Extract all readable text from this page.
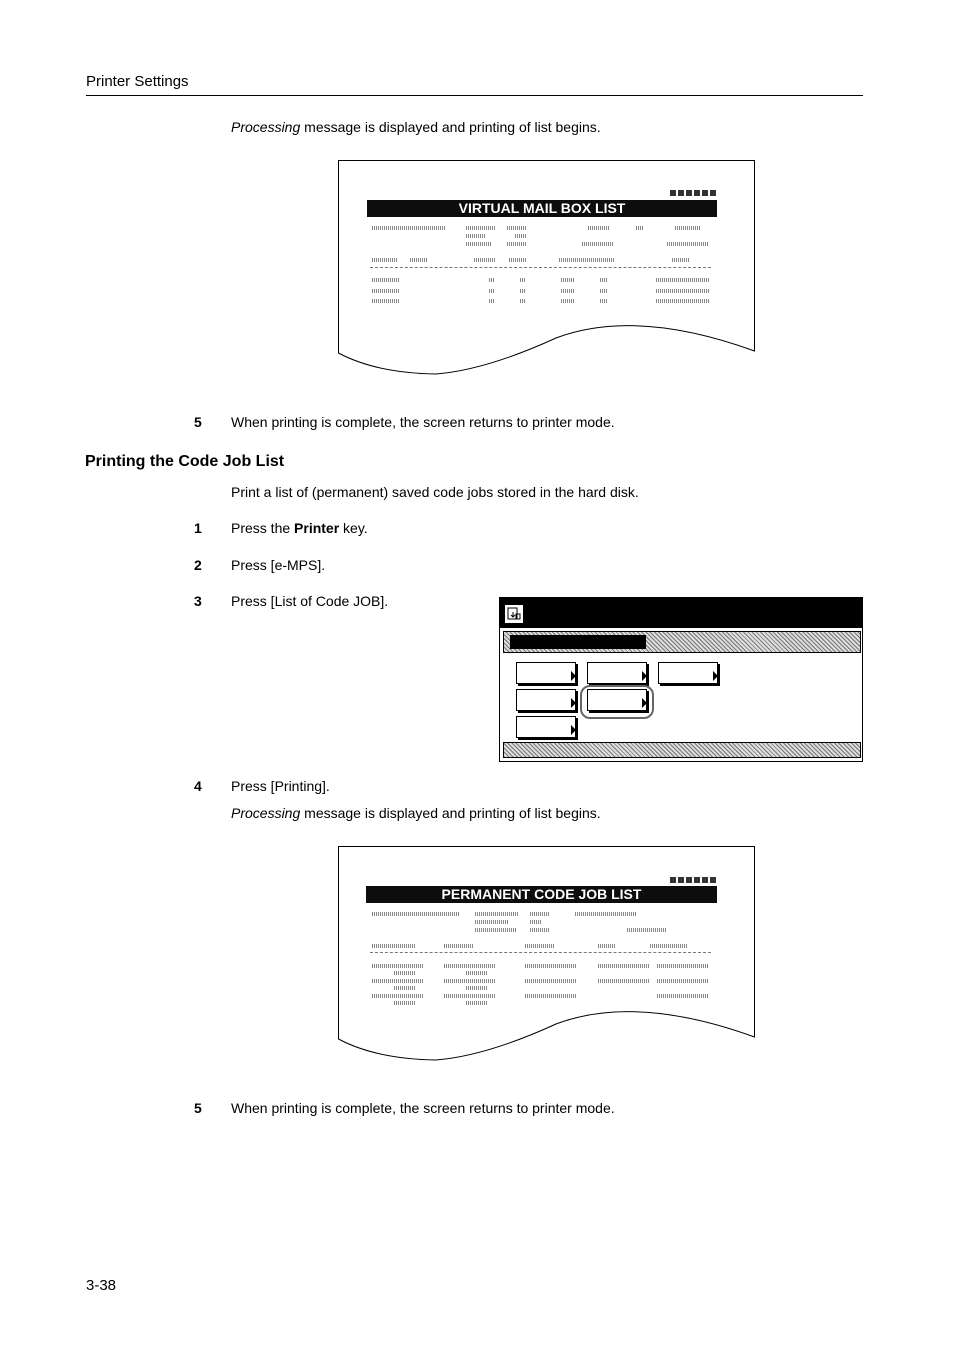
Printer Settings
Processing message is displayed and printing of list begins.
VIRTUAL MAIL BOX LIST
5 When printing is complete, the screen returns to printer mode.
Printing the Code Job List
Print a list of (permanent) saved code jobs stored in the hard disk.
1 Press the Printer key.
2 Press [e-MPS].
3 Press [List of Code JOB].
4 Press [Printing].
Processing message is displayed and printing of list begins.
PERMANENT CODE JOB LIST
5 When printing is complete, the screen returns to printer mode.
3-38
